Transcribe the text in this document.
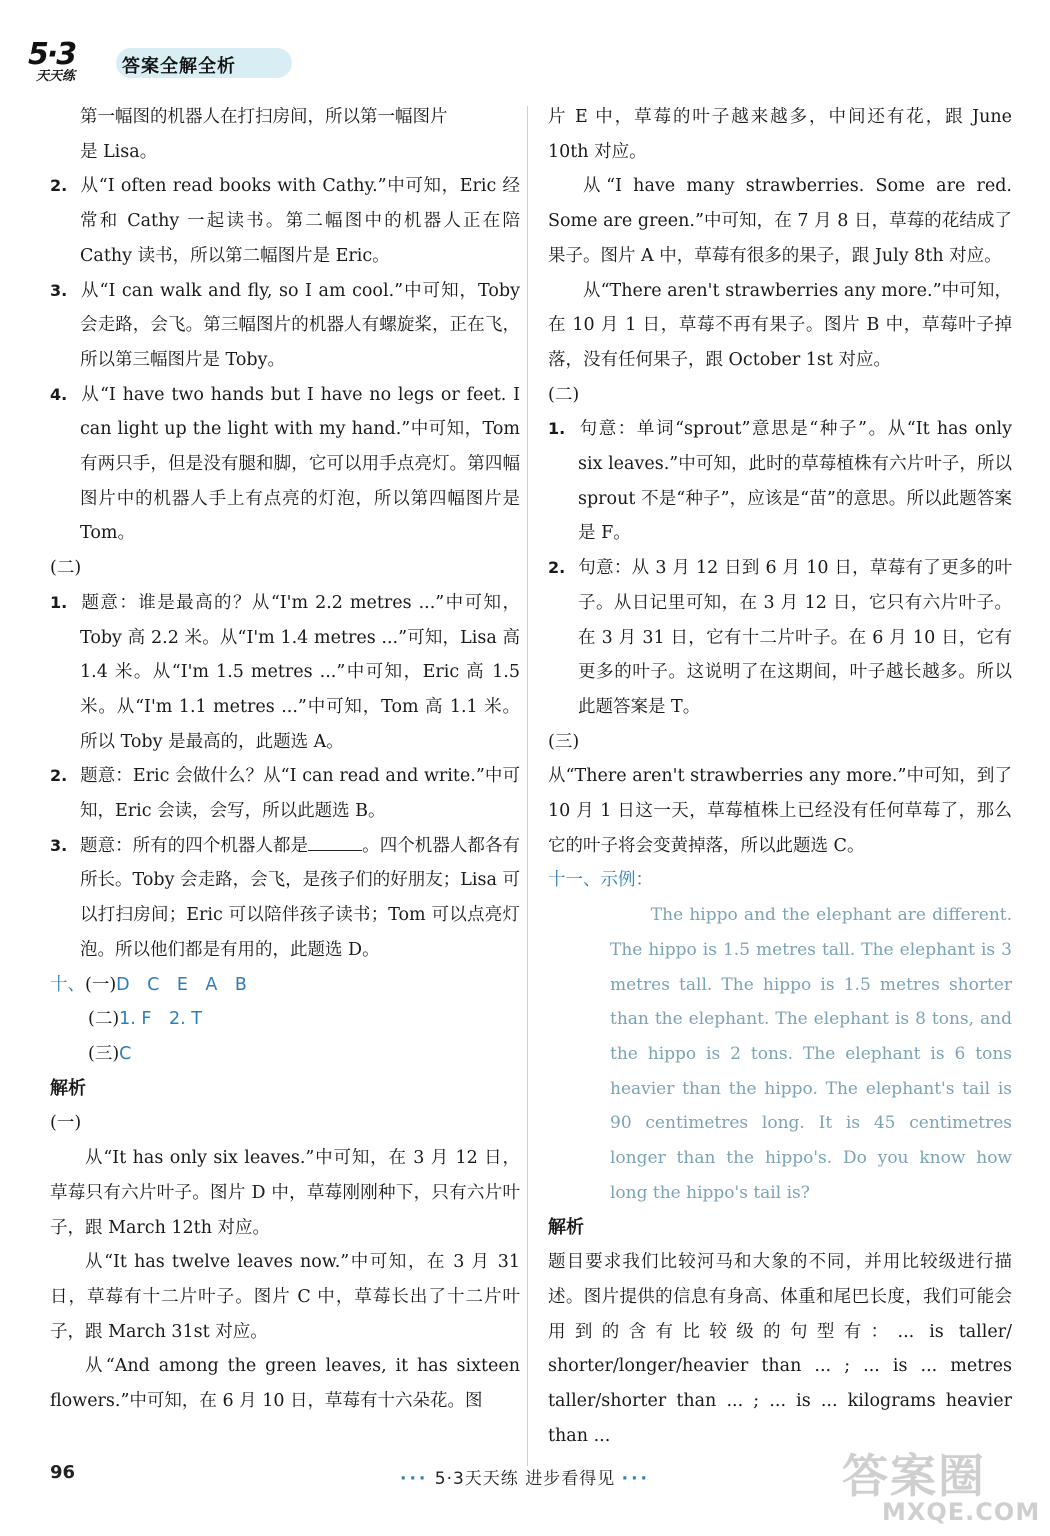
5·3
天天练	答案全解全析

第一幅图的机器人在打扫房间，所以第一幅图片

是 Lisa。

2. 从“I often read books with Cathy.”中可知，Eric 经常和 Cathy 一起读书。第二幅图中的机器人正在陪 Cathy 读书，所以第二幅图片是 Eric。

3. 从“I can walk and fly, so I am cool.”中可知，Toby 会走路，会飞。第三幅图片的机器人有螺旋桨，正在飞，所以第三幅图片是 Toby。

4. 从“I have two hands but I have no legs or feet. I can light up the light with my hand.”中可知，Tom 有两只手，但是没有腿和脚，它可以用手点亮灯。第四幅图片中的机器人手上有点亮的灯泡，所以第四幅图片是 Tom。

(二)

1. 题意：谁是最高的？从“I'm 2.2 metres ...”中可知，Toby 高 2.2 米。从“I'm 1.4 metres ...”可知，Lisa 高 1.4 米。从“I'm 1.5 metres ...”中可知，Eric 高 1.5 米。从“I'm 1.1 metres ...”中可知，Tom 高 1.1 米。所以 Toby 是最高的，此题选 A。

2. 题意：Eric 会做什么？从“I can read and write.”中可知，Eric 会读，会写，所以此题选 B。

3. 题意：所有的四个机器人都是	。四个机器人都各有所长。Toby 会走路，会飞，是孩子们的好朋友；Lisa 可以打扫房间；Eric 可以陪伴孩子读书；Tom 可以点亮灯泡。所以他们都是有用的，此题选 D。

十、(一)D　C　E　A　B

(二)1. F　2. T

(三)C

解析

(一)

从“It has only six leaves.”中可知，在 3 月 12 日，草莓只有六片叶子。图片 D 中，草莓刚刚种下，只有六片叶子，跟 March 12th 对应。

从“It has twelve leaves now.”中可知，在 3 月 31 日，草莓有十二片叶子。图片 C 中，草莓长出了十二片叶子，跟 March 31st 对应。

从“And among the green leaves, it has sixteen flowers.”中可知，在 6 月 10 日，草莓有十六朵花。图

片 E 中，草莓的叶子越来越多，中间还有花，跟 June 10th 对应。

从“I have many strawberries. Some are red. Some are green.”中可知，在 7 月 8 日，草莓的花结成了果子。图片 A 中，草莓有很多的果子，跟 July 8th 对应。

从“There aren't strawberries any more.”中可知，在 10 月 1 日，草莓不再有果子。图片 B 中，草莓叶子掉落，没有任何果子，跟 October 1st 对应。

(二)

1. 句意：单词“sprout”意思是“种子”。从“It has only six leaves.”中可知，此时的草莓植株有六片叶子，所以 sprout 不是“种子”，应该是“苗”的意思。所以此题答案是 F。

2. 句意：从 3 月 12 日到 6 月 10 日，草莓有了更多的叶子。从日记里可知，在 3 月 12 日，它只有六片叶子。在 3 月 31 日，它有十二片叶子。在 6 月 10 日，它有更多的叶子。这说明了在这期间，叶子越长越多。所以此题答案是 T。

(三)

从“There aren't strawberries any more.”中可知，到了 10 月 1 日这一天，草莓植株上已经没有任何草莓了，那么它的叶子将会变黄掉落，所以此题选 C。

十一、示例：

The hippo and the elephant are different. The hippo is 1.5 metres tall. The elephant is 3 metres tall. The hippo is 1.5 metres shorter than the elephant. The elephant is 8 tons, and the hippo is 2 tons. The elephant is 6 tons heavier than the hippo. The elephant's tail is 90 centimetres long. It is 45 centimetres longer than the hippo's. Do you know how long the hippo's tail is?

解析

题目要求我们比较河马和大象的不同，并用比较级进行描述。图片提供的信息有身高、体重和尾巴长度，我们可能会用到的含有比较级的句型有：... is taller/ shorter/longer/heavier than ... ; ... is ... metres taller/shorter than ... ; ... is ... kilograms heavier than ...

96	··· 5·3天天练 进步看得见 ···	答案圈
MXQE.COM
